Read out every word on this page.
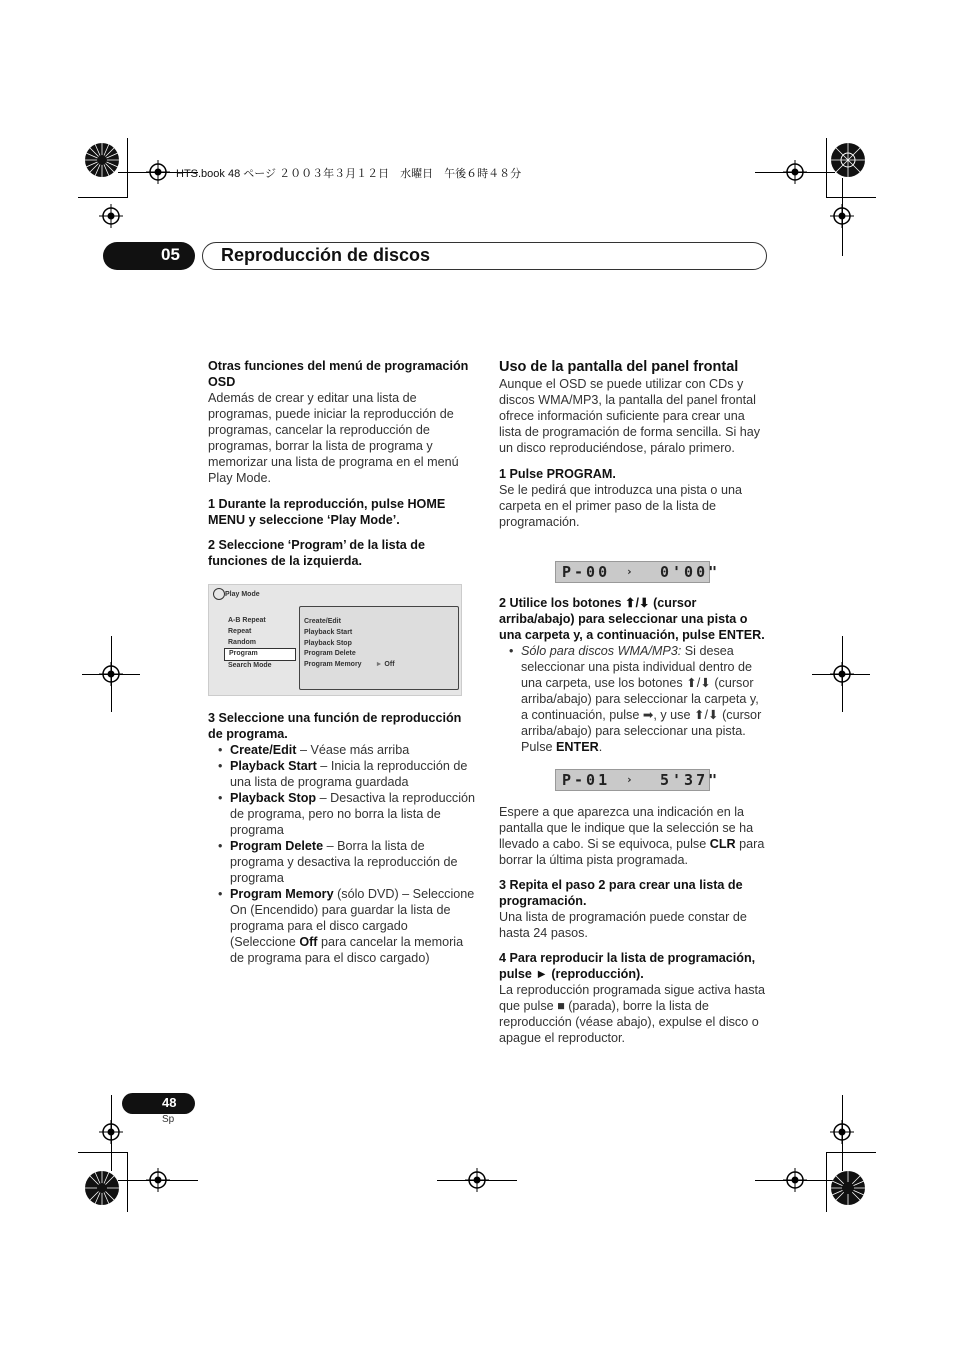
HTS.book 48 ページ ２００３年３月１２日　水曜日　午後６時４８分
05 Reproducción de discos
Otras funciones del menú de programación OSD
Además de crear y editar una lista de programas, puede iniciar la reproducción de programas, cancelar la reproducción de programas, borrar la lista de programa y memorizar una lista de programa en el menú Play Mode.
1 Durante la reproducción, pulse HOME MENU y seleccione ‘Play Mode’.
2 Seleccione ‘Program’ de la lista de funciones de la izquierda.
Play Mode
A-B Repeat
Repeat
Random
Program
Search Mode
Create/Edit
Playback Start
Playback Stop
Program Delete
Program Memory ► Off
3 Seleccione una función de reproducción de programa.
• Create/Edit – Véase más arriba
• Playback Start – Inicia la reproducción de una lista de programa guardada
• Playback Stop – Desactiva la reproducción de programa, pero no borra la lista de programa
• Program Delete – Borra la lista de programa y desactiva la reproducción de programa
• Program Memory (sólo DVD) – Seleccione On (Encendido) para guardar la lista de programa para el disco cargado (Seleccione Off para cancelar la memoria de programa para el disco cargado)
Uso de la pantalla del panel frontal
Aunque el OSD se puede utilizar con CDs y discos WMA/MP3, la pantalla del panel frontal ofrece información suficiente para crear una lista de programación de forma sencilla. Si hay un disco reproduciéndose, páralo primero.
1 Pulse PROGRAM.
Se le pedirá que introduzca una pista o una carpeta en el primer paso de la lista de programación.
P-00 › 0'00"
2 Utilice los botones ⬆/⬇ (cursor arriba/abajo) para seleccionar una pista o una carpeta y, a continuación, pulse ENTER.
• Sólo para discos WMA/MP3: Si desea seleccionar una pista individual dentro de una carpeta, use los botones ⬆/⬇ (cursor arriba/abajo) para seleccionar la carpeta y, a continuación, pulse ➡, y use ⬆/⬇ (cursor arriba/abajo) para seleccionar una pista. Pulse ENTER.
P-01 › 5'37"
Espere a que aparezca una indicación en la pantalla que le indique que la selección se ha llevado a cabo. Si se equivoca, pulse CLR para borrar la última pista programada.
3 Repita el paso 2 para crear una lista de programación.
Una lista de programación puede constar de hasta 24 pasos.
4 Para reproducir la lista de programación, pulse ► (reproducción).
La reproducción programada sigue activa hasta que pulse ■ (parada), borre la lista de reproducción (véase abajo), expulse el disco o apague el reproductor.
48
Sp
